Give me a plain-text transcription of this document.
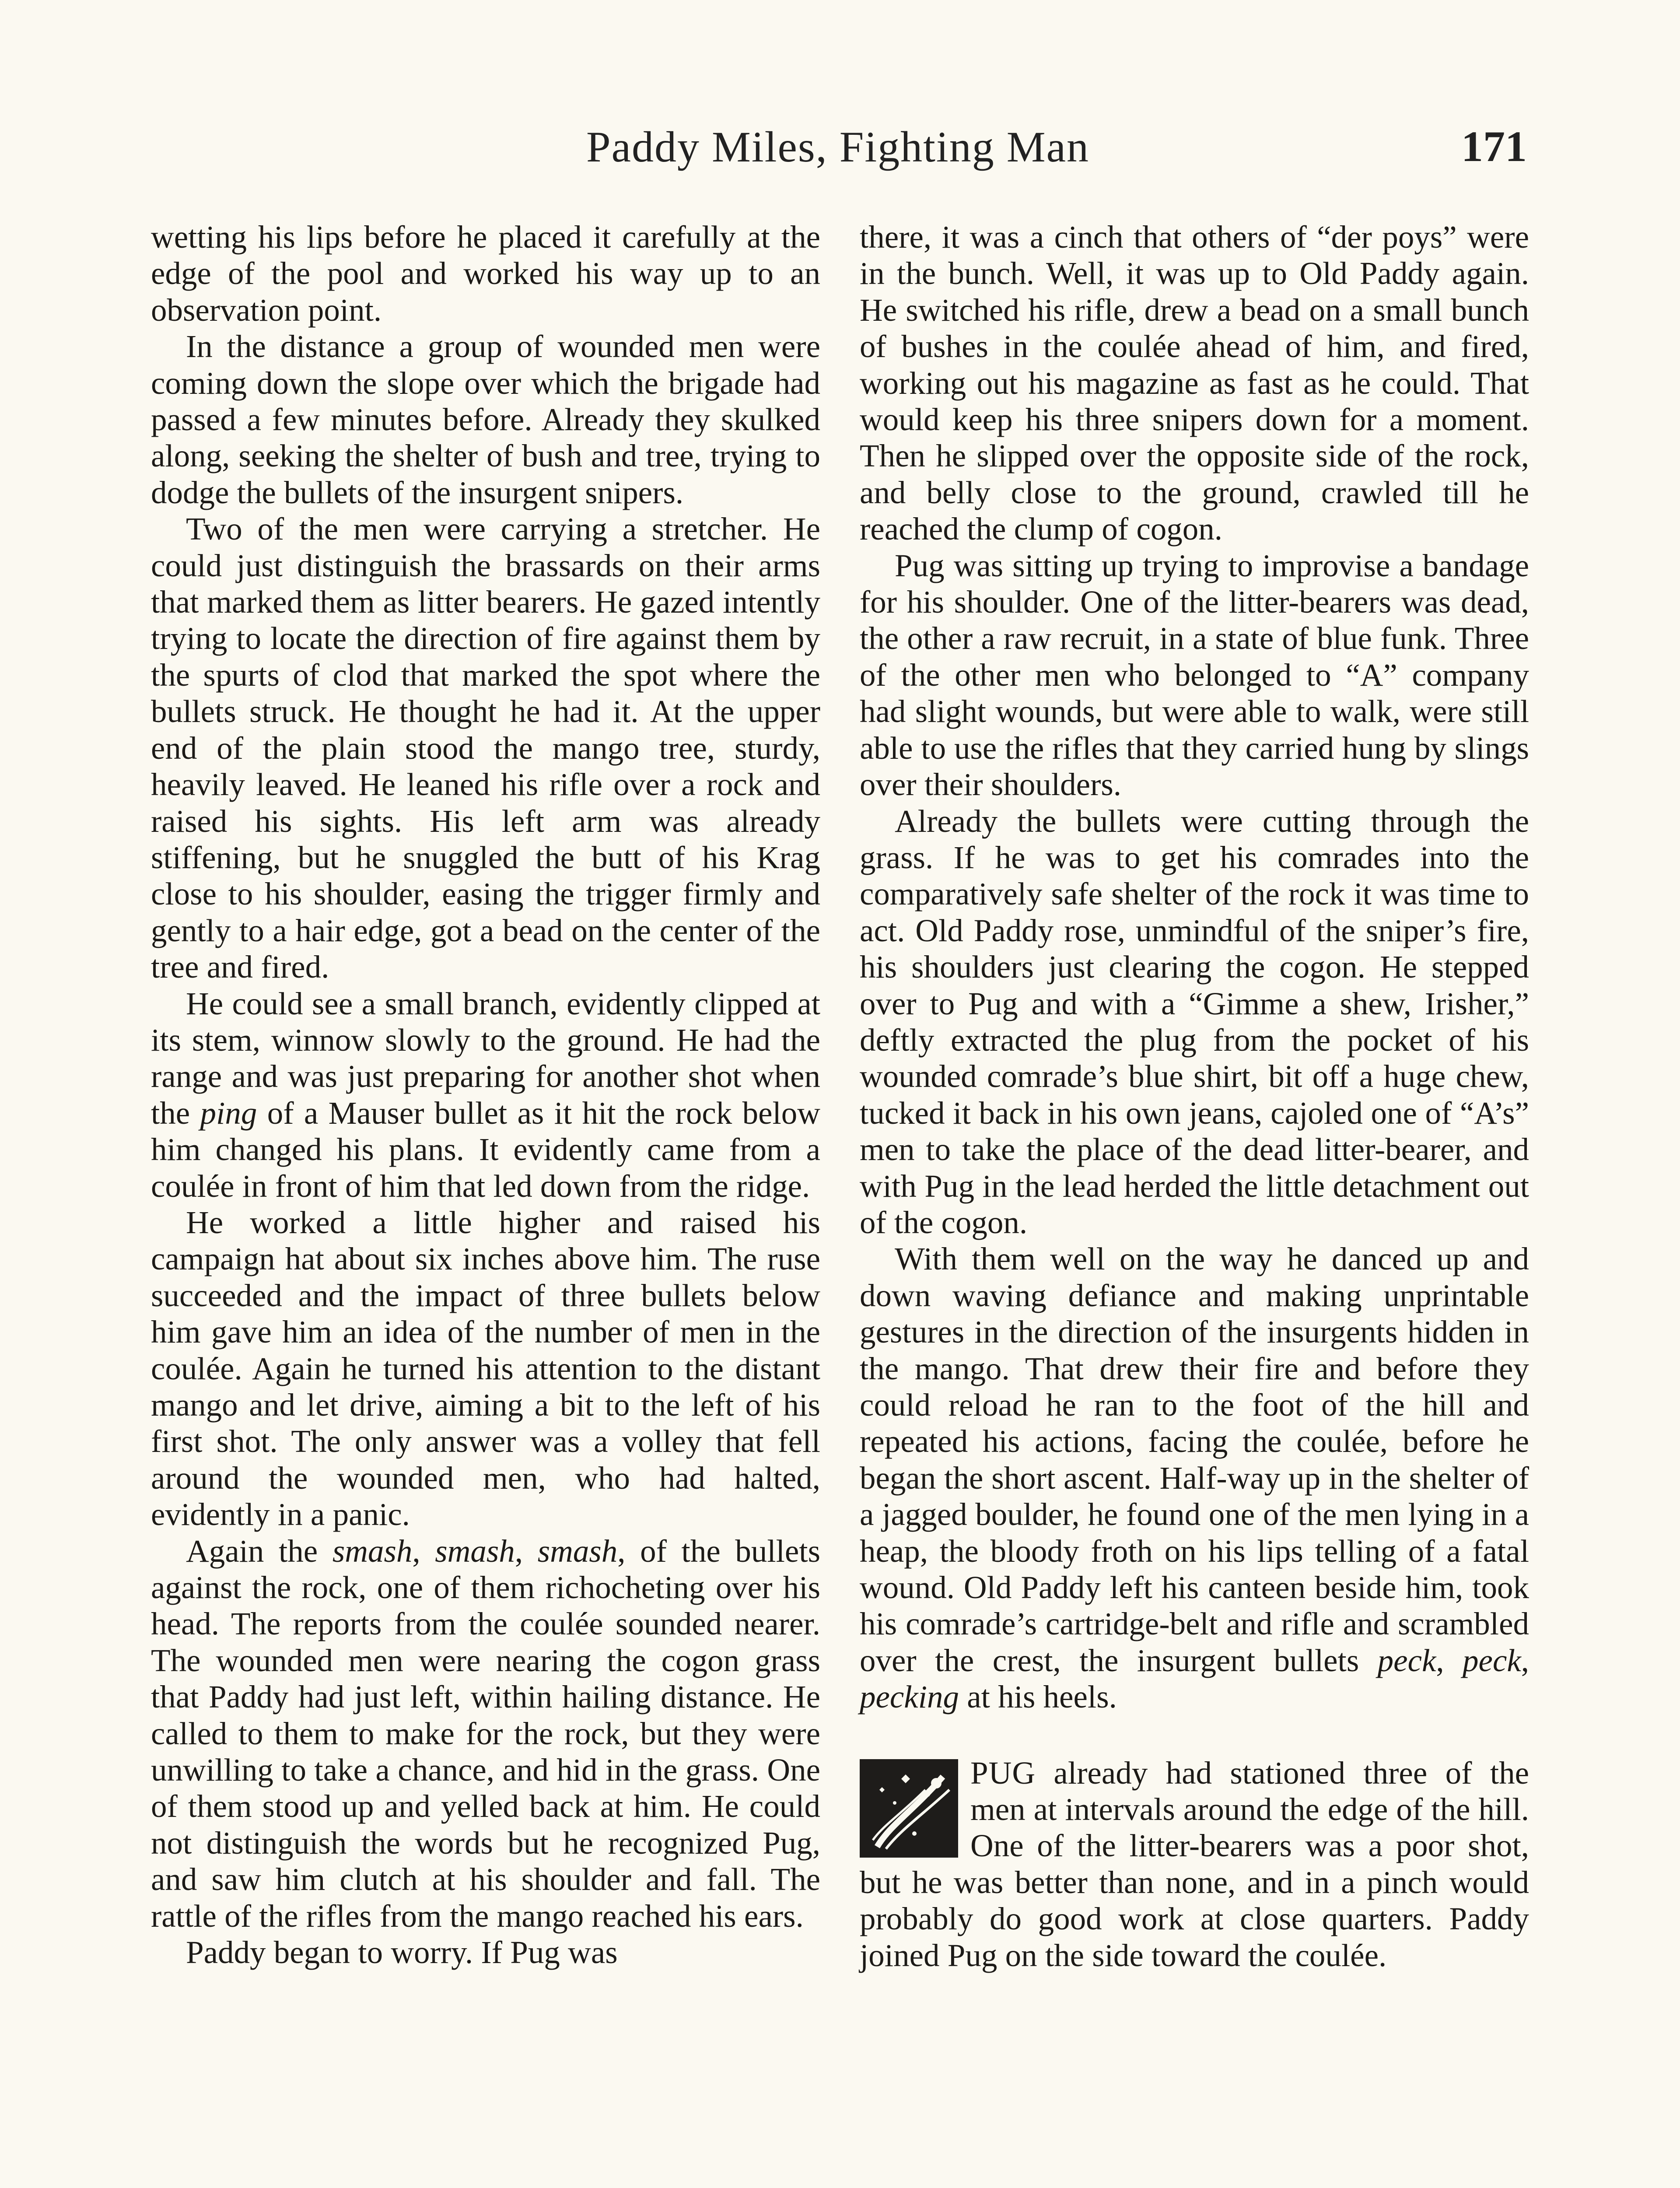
Paddy Miles, Fighting Man	171

wetting his lips before he placed it carefully at the edge of the pool and worked his way up to an observation point.

In the distance a group of wounded men were coming down the slope over which the brigade had passed a few minutes before. Already they skulked along, seeking the shelter of bush and tree, trying to dodge the bullets of the insurgent snipers.

Two of the men were carrying a stretcher. He could just distinguish the brassards on their arms that marked them as litter bearers. He gazed intently trying to locate the direction of fire against them by the spurts of clod that marked the spot where the bullets struck. He thought he had it. At the upper end of the plain stood the mango tree, sturdy, heavily leaved. He leaned his rifle over a rock and raised his sights. His left arm was already stiffening, but he snuggled the butt of his Krag close to his shoulder, easing the trigger firmly and gently to a hair edge, got a bead on the center of the tree and fired.

He could see a small branch, evidently clipped at its stem, winnow slowly to the ground. He had the range and was just preparing for another shot when the ping of a Mauser bullet as it hit the rock below him changed his plans. It evidently came from a coulée in front of him that led down from the ridge.

He worked a little higher and raised his campaign hat about six inches above him. The ruse succeeded and the impact of three bullets below him gave him an idea of the number of men in the coulée. Again he turned his attention to the distant mango and let drive, aiming a bit to the left of his first shot. The only answer was a volley that fell around the wounded men, who had halted, evidently in a panic.

Again the smash, smash, smash, of the bullets against the rock, one of them richocheting over his head. The reports from the coulée sounded nearer. The wounded men were nearing the cogon grass that Paddy had just left, within hailing distance. He called to them to make for the rock, but they were unwilling to take a chance, and hid in the grass. One of them stood up and yelled back at him. He could not distinguish the words but he recognized Pug, and saw him clutch at his shoulder and fall. The rattle of the rifles from the mango reached his ears.

Paddy began to worry. If Pug was

there, it was a cinch that others of “der poys” were in the bunch. Well, it was up to Old Paddy again. He switched his rifle, drew a bead on a small bunch of bushes in the coulée ahead of him, and fired, working out his magazine as fast as he could. That would keep his three snipers down for a moment. Then he slipped over the opposite side of the rock, and belly close to the ground, crawled till he reached the clump of cogon.

Pug was sitting up trying to improvise a bandage for his shoulder. One of the litter-bearers was dead, the other a raw recruit, in a state of blue funk. Three of the other men who belonged to “A” company had slight wounds, but were able to walk, were still able to use the rifles that they carried hung by slings over their shoulders.

Already the bullets were cutting through the grass. If he was to get his comrades into the comparatively safe shelter of the rock it was time to act. Old Paddy rose, unmindful of the sniper’s fire, his shoulders just clearing the cogon. He stepped over to Pug and with a “Gimme a shew, Irisher,” deftly extracted the plug from the pocket of his wounded comrade’s blue shirt, bit off a huge chew, tucked it back in his own jeans, cajoled one of “A’s” men to take the place of the dead litter-bearer, and with Pug in the lead herded the little detachment out of the cogon.

With them well on the way he danced up and down waving defiance and making unprintable gestures in the direction of the insurgents hidden in the mango. That drew their fire and before they could reload he ran to the foot of the hill and repeated his actions, facing the coulée, before he began the short ascent. Half-way up in the shelter of a jagged boulder, he found one of the men lying in a heap, the bloody froth on his lips telling of a fatal wound. Old Paddy left his canteen beside him, took his comrade’s cartridge-belt and rifle and scrambled over the crest, the insurgent bullets peck, peck, pecking at his heels.

PUG already had stationed three of the men at intervals around the edge of the hill. One of the litter-bearers was a poor shot, but he was better than none, and in a pinch would probably do good work at close quarters. Paddy joined Pug on the side toward the coulée.
